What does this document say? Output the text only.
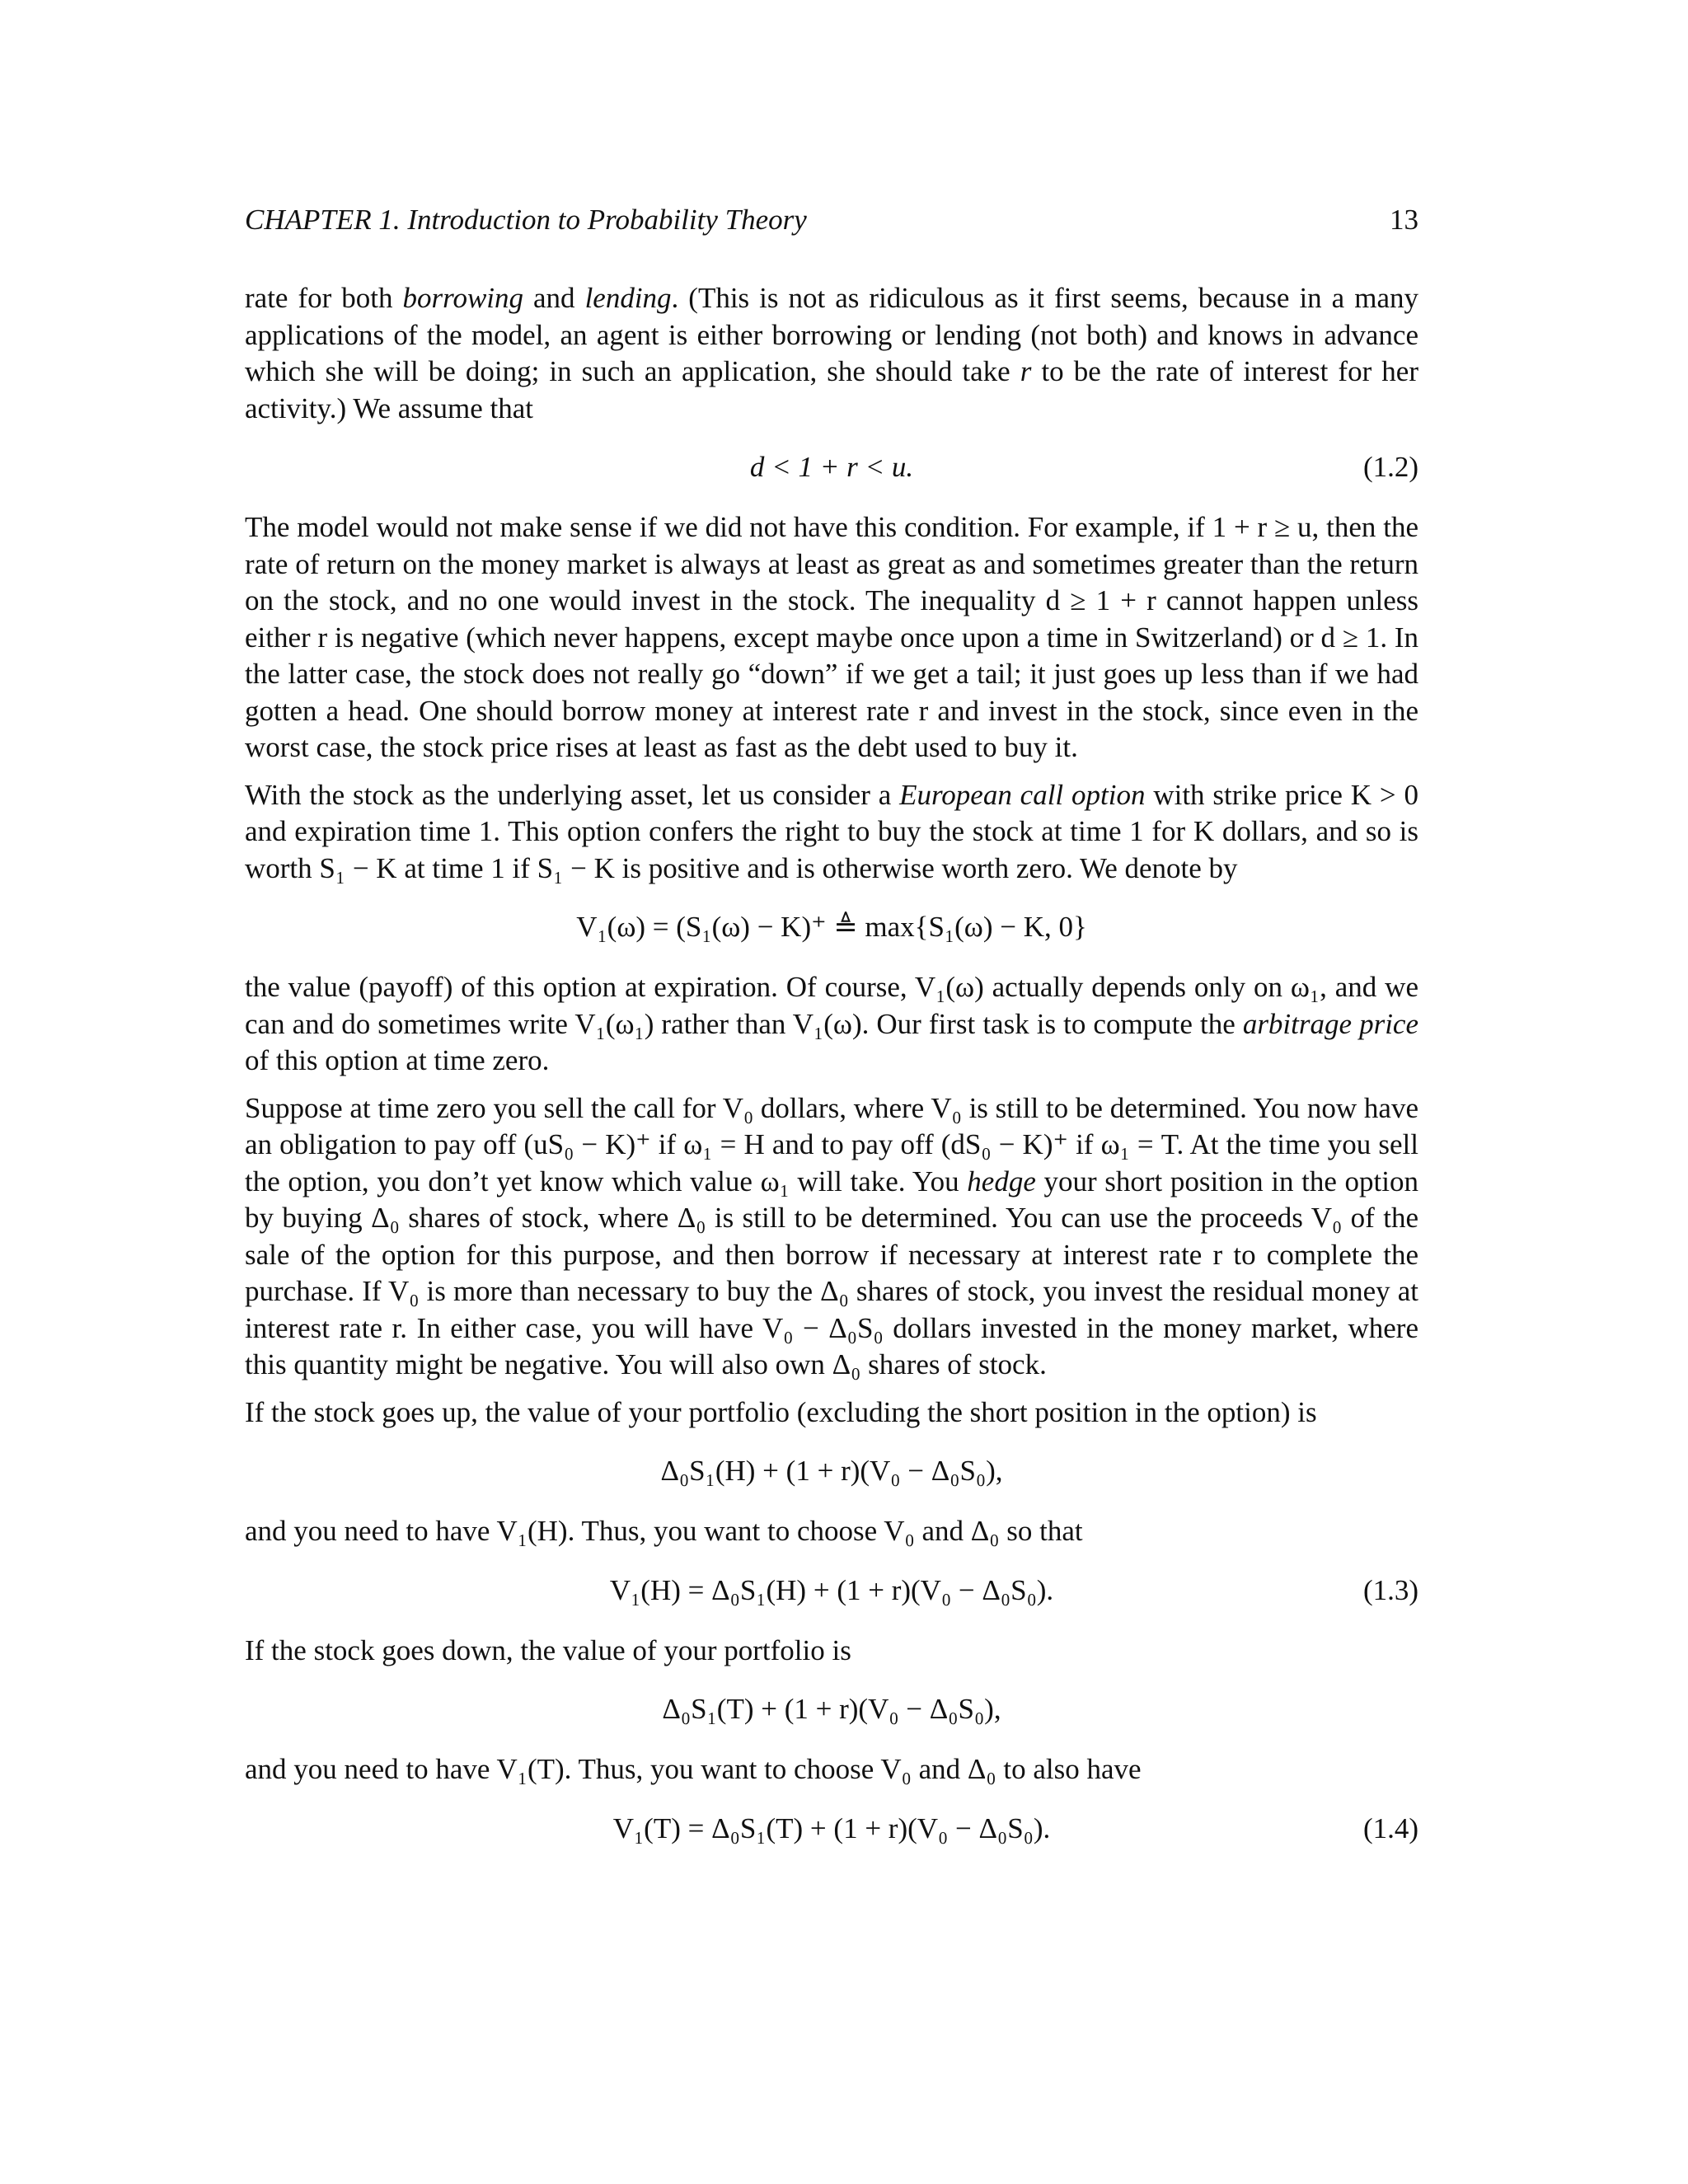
CHAPTER 1. Introduction to Probability Theory	13

rate for both borrowing and lending. (This is not as ridiculous as it first seems, because in a many applications of the model, an agent is either borrowing or lending (not both) and knows in advance which she will be doing; in such an application, she should take r to be the rate of interest for her activity.) We assume that

d < 1 + r < u.	(1.2)

The model would not make sense if we did not have this condition. For example, if 1 + r ≥ u, then the rate of return on the money market is always at least as great as and sometimes greater than the return on the stock, and no one would invest in the stock. The inequality d ≥ 1 + r cannot happen unless either r is negative (which never happens, except maybe once upon a time in Switzerland) or d ≥ 1. In the latter case, the stock does not really go “down” if we get a tail; it just goes up less than if we had gotten a head. One should borrow money at interest rate r and invest in the stock, since even in the worst case, the stock price rises at least as fast as the debt used to buy it.

With the stock as the underlying asset, let us consider a European call option with strike price K > 0 and expiration time 1. This option confers the right to buy the stock at time 1 for K dollars, and so is worth S₁ − K at time 1 if S₁ − K is positive and is otherwise worth zero. We denote by

V₁(ω) = (S₁(ω) − K)⁺ ≜ max{S₁(ω) − K, 0}

the value (payoff) of this option at expiration. Of course, V₁(ω) actually depends only on ω₁, and we can and do sometimes write V₁(ω₁) rather than V₁(ω). Our first task is to compute the arbitrage price of this option at time zero.

Suppose at time zero you sell the call for V₀ dollars, where V₀ is still to be determined. You now have an obligation to pay off (uS₀ − K)⁺ if ω₁ = H and to pay off (dS₀ − K)⁺ if ω₁ = T. At the time you sell the option, you don’t yet know which value ω₁ will take. You hedge your short position in the option by buying Δ₀ shares of stock, where Δ₀ is still to be determined. You can use the proceeds V₀ of the sale of the option for this purpose, and then borrow if necessary at interest rate r to complete the purchase. If V₀ is more than necessary to buy the Δ₀ shares of stock, you invest the residual money at interest rate r. In either case, you will have V₀ − Δ₀S₀ dollars invested in the money market, where this quantity might be negative. You will also own Δ₀ shares of stock.

If the stock goes up, the value of your portfolio (excluding the short position in the option) is

Δ₀S₁(H) + (1 + r)(V₀ − Δ₀S₀),

and you need to have V₁(H). Thus, you want to choose V₀ and Δ₀ so that

V₁(H) = Δ₀S₁(H) + (1 + r)(V₀ − Δ₀S₀).	(1.3)

If the stock goes down, the value of your portfolio is

Δ₀S₁(T) + (1 + r)(V₀ − Δ₀S₀),

and you need to have V₁(T). Thus, you want to choose V₀ and Δ₀ to also have

V₁(T) = Δ₀S₁(T) + (1 + r)(V₀ − Δ₀S₀).	(1.4)
